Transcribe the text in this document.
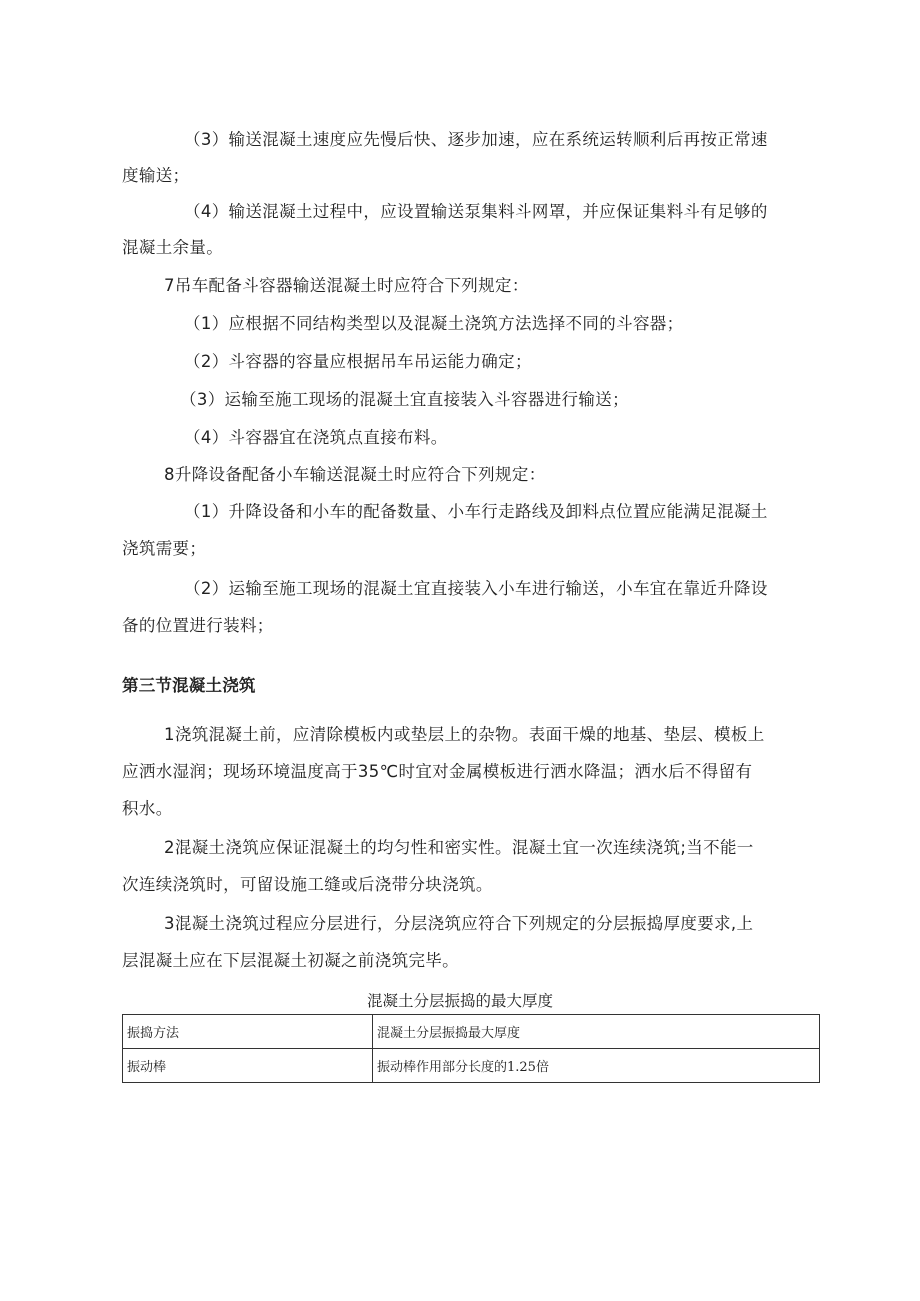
（3）输送混凝土速度应先慢后快、逐步加速，应在系统运转顺利后再按正常速
度输送；
（4）输送混凝土过程中，应设置输送泵集料斗网罩，并应保证集料斗有足够的
混凝土余量。
7吊车配备斗容器输送混凝土时应符合下列规定：
（1）应根据不同结构类型以及混凝土浇筑方法选择不同的斗容器；
（2）斗容器的容量应根据吊车吊运能力确定；
（3）运输至施工现场的混凝土宜直接装入斗容器进行输送；
（4）斗容器宜在浇筑点直接布料。
8升降设备配备小车输送混凝土时应符合下列规定：
（1）升降设备和小车的配备数量、小车行走路线及卸料点位置应能满足混凝土
浇筑需要；
（2）运输至施工现场的混凝土宜直接装入小车进行输送，小车宜在靠近升降设
备的位置进行装料；
第三节混凝土浇筑
1浇筑混凝土前，应清除模板内或垫层上的杂物。表面干燥的地基、垫层、模板上
应洒水湿润；现场环境温度高于35℃时宜对金属模板进行洒水降温；洒水后不得留有
积水。
2混凝土浇筑应保证混凝土的均匀性和密实性。混凝土宜一次连续浇筑;当不能一
次连续浇筑时，可留设施工缝或后浇带分块浇筑。
3混凝土浇筑过程应分层进行，分层浇筑应符合下列规定的分层振捣厚度要求,上
层混凝土应在下层混凝土初凝之前浇筑完毕。
混凝土分层振捣的最大厚度
振捣方法	混凝土分层振捣最大厚度
振动棒	振动棒作用部分长度的1.25倍
